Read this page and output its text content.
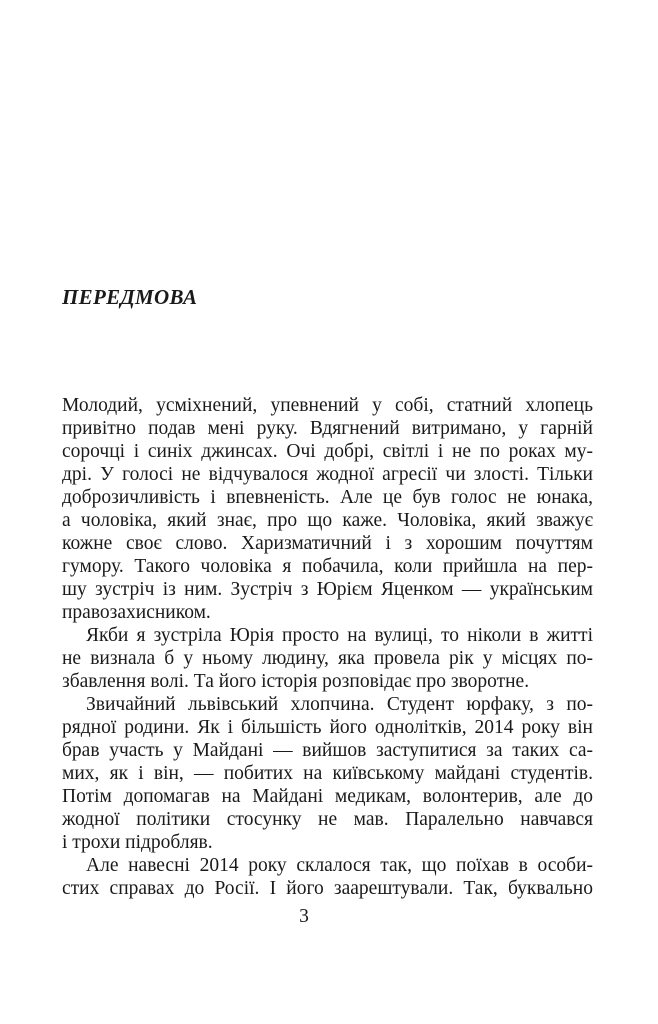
ПЕРЕДМОВА
Молодий, усміхнений, упевнений у собі, статний хлопець
привітно подав мені руку. Вдягнений витримано, у гарній
сорочці і синіх джинсах. Очі добрі, світлі і не по роках му-
дрі. У голосі не відчувалося жодної агресії чи злості. Тільки
доброзичливість і впевненість. Але це був голос не юнака,
а чоловіка, який знає, про що каже. Чоловіка, який зважує
кожне своє слово. Харизматичний і з хорошим почуттям
гумору. Такого чоловіка я побачила, коли прийшла на пер-
шу зустріч із ним. Зустріч з Юрієм Яценком — українським
правозахисником.
Якби я зустріла Юрія просто на вулиці, то ніколи в житті
не визнала б у ньому людину, яка провела рік у місцях по-
збавлення волі. Та його історія розповідає про зворотне.
Звичайний львівський хлопчина. Студент юрфаку, з по-
рядної родини. Як і більшість його однолітків, 2014 року він
брав участь у Майдані — вийшов заступитися за таких са-
мих, як і він, — побитих на київському майдані студентів.
Потім допомагав на Майдані медикам, волонтерив, але до
жодної політики стосунку не мав. Паралельно навчався
і трохи підробляв.
Але навесні 2014 року склалося так, що поїхав в особи-
стих справах до Росії. І його заарештували. Так, буквально
3
